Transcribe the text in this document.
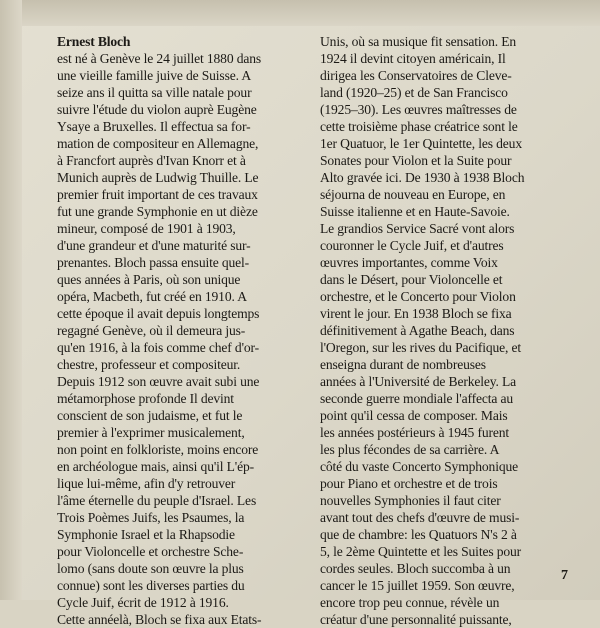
Ernest Bloch
est né à Genève le 24 juillet 1880 dans
une vieille famille juive de Suisse. A
seize ans il quitta sa ville natale pour
suivre l'étude du violon auprè Eugène
Ysaye a Bruxelles. Il effectua sa for-
mation de compositeur en Allemagne,
à Francfort auprès d'Ivan Knorr et à
Munich auprès de Ludwig Thuille. Le
premier fruit important de ces travaux
fut une grande Symphonie en ut dièze
mineur, composé de 1901 à 1903,
d'une grandeur et d'une maturité sur-
prenantes. Bloch passa ensuite quel-
ques années à Paris, où son unique
opéra, Macbeth, fut créé en 1910. A
cette époque il avait depuis longtemps
regagné Genève, où il demeura jus-
qu'en 1916, à la fois comme chef d'or-
chestre, professeur et compositeur.
Depuis 1912 son œuvre avait subi une
métamorphose profonde Il devint
conscient de son judaisme, et fut le
premier à l'exprimer musicalement,
non point en folkloriste, moins encore
en archéologue mais, ainsi qu'il L'ép-
lique lui-même, afin d'y retrouver
l'âme éternelle du peuple d'Israel. Les
Trois Poèmes Juifs, les Psaumes, la
Symphonie Israel et la Rhapsodie
pour Violoncelle et orchestre Sche-
lomo (sans doute son œuvre la plus
connue) sont les diverses parties du
Cycle Juif, écrit de 1912 à 1916.
Cette annéelà, Bloch se fixa aux Etats-
Unis, où sa musique fit sensation. En
1924 il devint citoyen américain, Il
dirigea les Conservatoires de Cleve-
land (1920–25) et de San Francisco
(1925–30). Les œuvres maîtresses de
cette troisième phase créatrice sont le
1er Quatuor, le 1er Quintette, les deux
Sonates pour Violon et la Suite pour
Alto gravée ici. De 1930 à 1938 Bloch
séjourna de nouveau en Europe, en
Suisse italienne et en Haute-Savoie.
Le grandios Service Sacré vont alors
couronner le Cycle Juif, et d'autres
œuvres importantes, comme Voix
dans le Désert, pour Violoncelle et
orchestre, et le Concerto pour Violon
virent le jour. En 1938 Bloch se fixa
définitivement à Agathe Beach, dans
l'Oregon, sur les rives du Pacifique, et
enseigna durant de nombreuses
années à l'Université de Berkeley. La
seconde guerre mondiale l'affecta au
point qu'il cessa de composer. Mais
les années postérieurs à 1945 furent
les plus fécondes de sa carrière. A
côté du vaste Concerto Symphonique
pour Piano et orchestre et de trois
nouvelles Symphonies il faut citer
avant tout des chefs d'œuvre de musi-
que de chambre: les Quatuors N's 2 à
5, le 2ème Quintette et les Suites pour
cordes seules. Bloch succomba à un
cancer le 15 juillet 1959. Son œuvre,
encore trop peu connue, révèle un
créatur d'une personnalité puissante,
7
